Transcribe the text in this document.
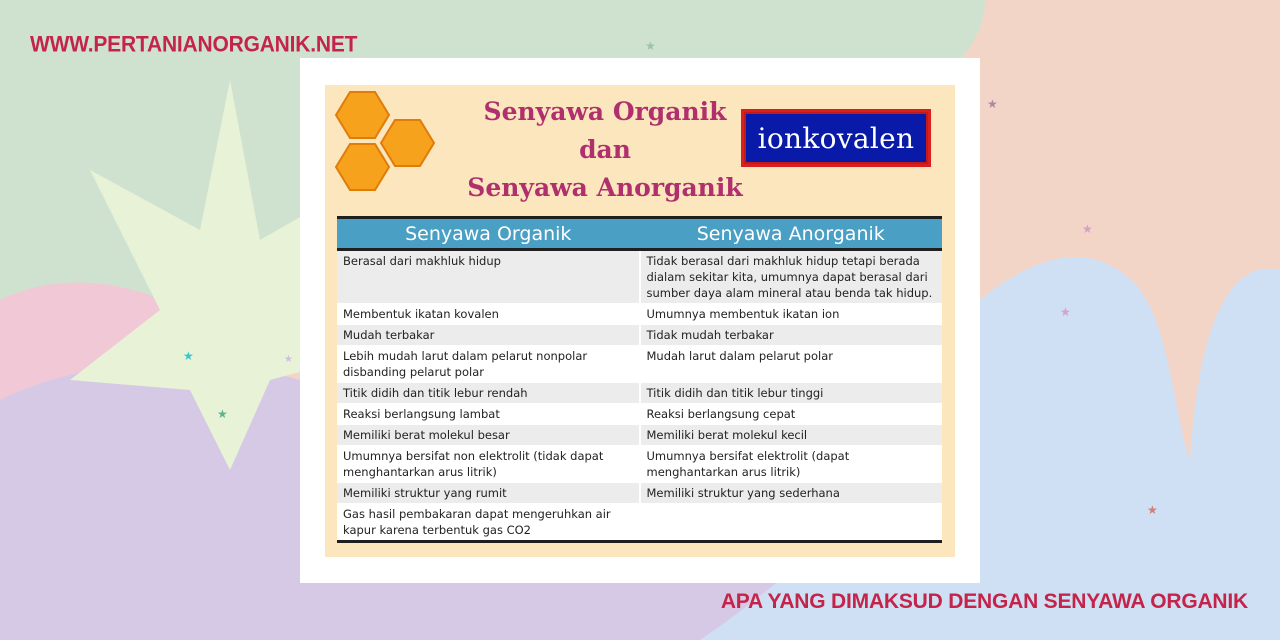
★
★
★
★
★
★
★
★
WWW.PERTANIANORGANIK.NET
Senyawa Organik
dan
Senyawa Anorganik
ionkovalen
Senyawa Organik	Senyawa Anorganik
Berasal dari makhluk hidup	Tidak berasal dari makhluk hidup tetapi berada dialam sekitar kita, umumnya dapat berasal dari sumber daya alam mineral atau benda tak hidup.
Membentuk ikatan kovalen	Umumnya membentuk ikatan ion
Mudah terbakar	Tidak mudah terbakar
Lebih mudah larut dalam pelarut nonpolar disbanding pelarut polar	Mudah larut dalam pelarut polar
Titik didih dan titik lebur rendah	Titik didih dan titik lebur tinggi
Reaksi berlangsung lambat	Reaksi berlangsung cepat
Memiliki berat molekul besar	Memiliki berat molekul kecil
Umumnya bersifat non elektrolit (tidak dapat menghantarkan arus litrik)	Umumnya bersifat elektrolit (dapat menghantarkan arus litrik)
Memiliki struktur yang rumit	Memiliki struktur yang sederhana
Gas hasil pembakaran dapat mengeruhkan air kapur karena terbentuk gas CO2	
APA YANG DIMAKSUD DENGAN SENYAWA ORGANIK
